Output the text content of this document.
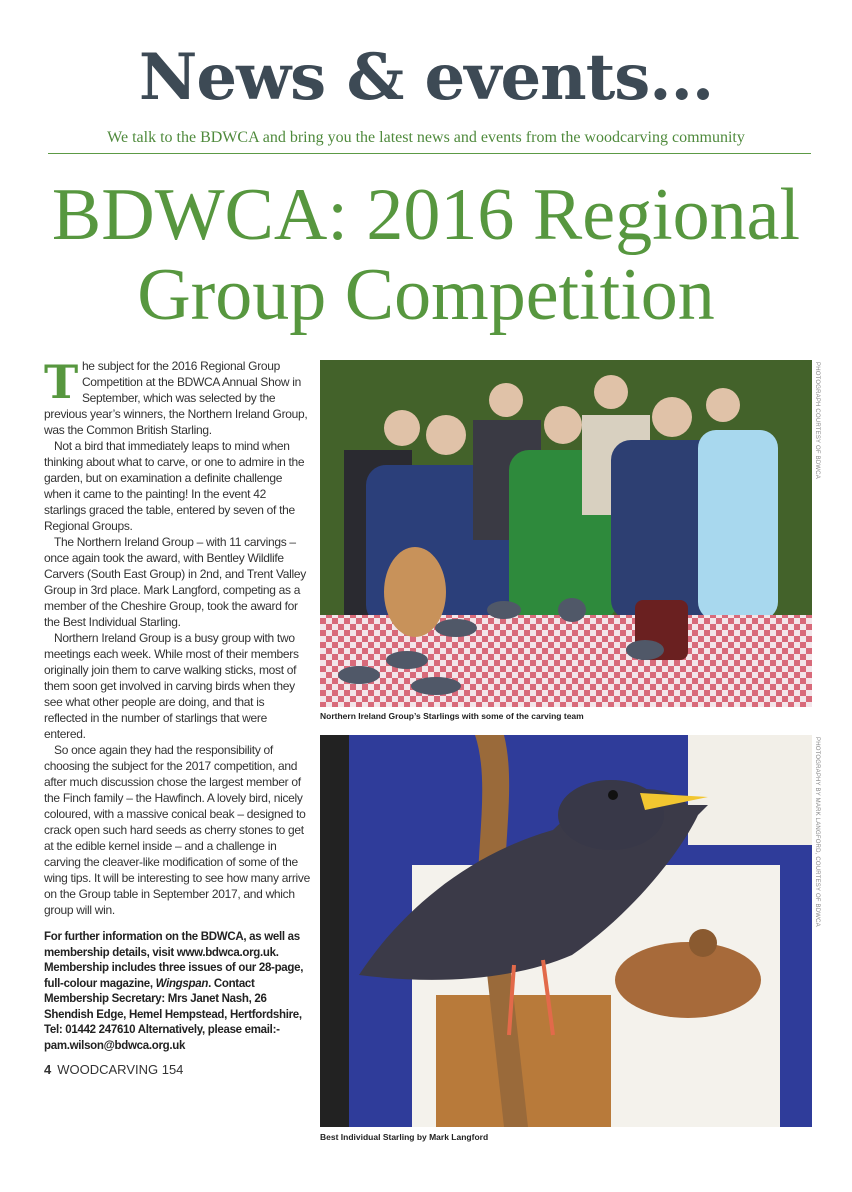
News & events...
We talk to the BDWCA and bring you the latest news and events from the woodcarving community
BDWCA: 2016 Regional
Group Competition

The subject for the 2016 Regional Group Competition at the BDWCA Annual Show in September, which was selected by the previous year’s winners, the Northern Ireland Group, was the Common British Starling.

Not a bird that immediately leaps to mind when thinking about what to carve, or one to admire in the garden, but on examination a definite challenge when it came to the painting! In the event 42 starlings graced the table, entered by seven of the Regional Groups.

The Northern Ireland Group – with 11 carvings – once again took the award, with Bentley Wildlife Carvers (South East Group) in 2nd, and Trent Valley Group in 3rd place. Mark Langford, competing as a member of the Cheshire Group, took the award for the Best Individual Starling.

Northern Ireland Group is a busy group with two meetings each week. While most of their members originally join them to carve walking sticks, most of them soon get involved in carving birds when they see what other people are doing, and that is reflected in the number of starlings that were entered.

So once again they had the responsibility of choosing the subject for the 2017 competition, and after much discussion chose the largest member of the Finch family – the Hawfinch. A lovely bird, nicely coloured, with a massive conical beak – designed to crack open such hard seeds as cherry stones to get at the edible kernel inside – and a challenge in carving the cleaver-like modification of some of the wing tips. It will be interesting to see how many arrive on the Group table in September 2017, and which group will win.

For further information on the BDWCA, as well as membership details, visit www.bdwca.org.uk. Membership includes three issues of our 28-page, full-colour magazine, Wingspan. Contact Membership Secretary: Mrs Janet Nash, 26 Shendish Edge, Hemel Hempstead, Hertfordshire, Tel: 01442 247610 Alternatively, please email:- pam.wilson@bdwca.org.uk
4 WOODCARVING 154
Northern Ireland Group’s Starlings with some of the carving team
PHOTOGRAPH COURTESY OF BDWCA
Best Individual Starling by Mark Langford
PHOTOGRAPHY BY MARK LANGFORD, COURTESY OF BDWCA
